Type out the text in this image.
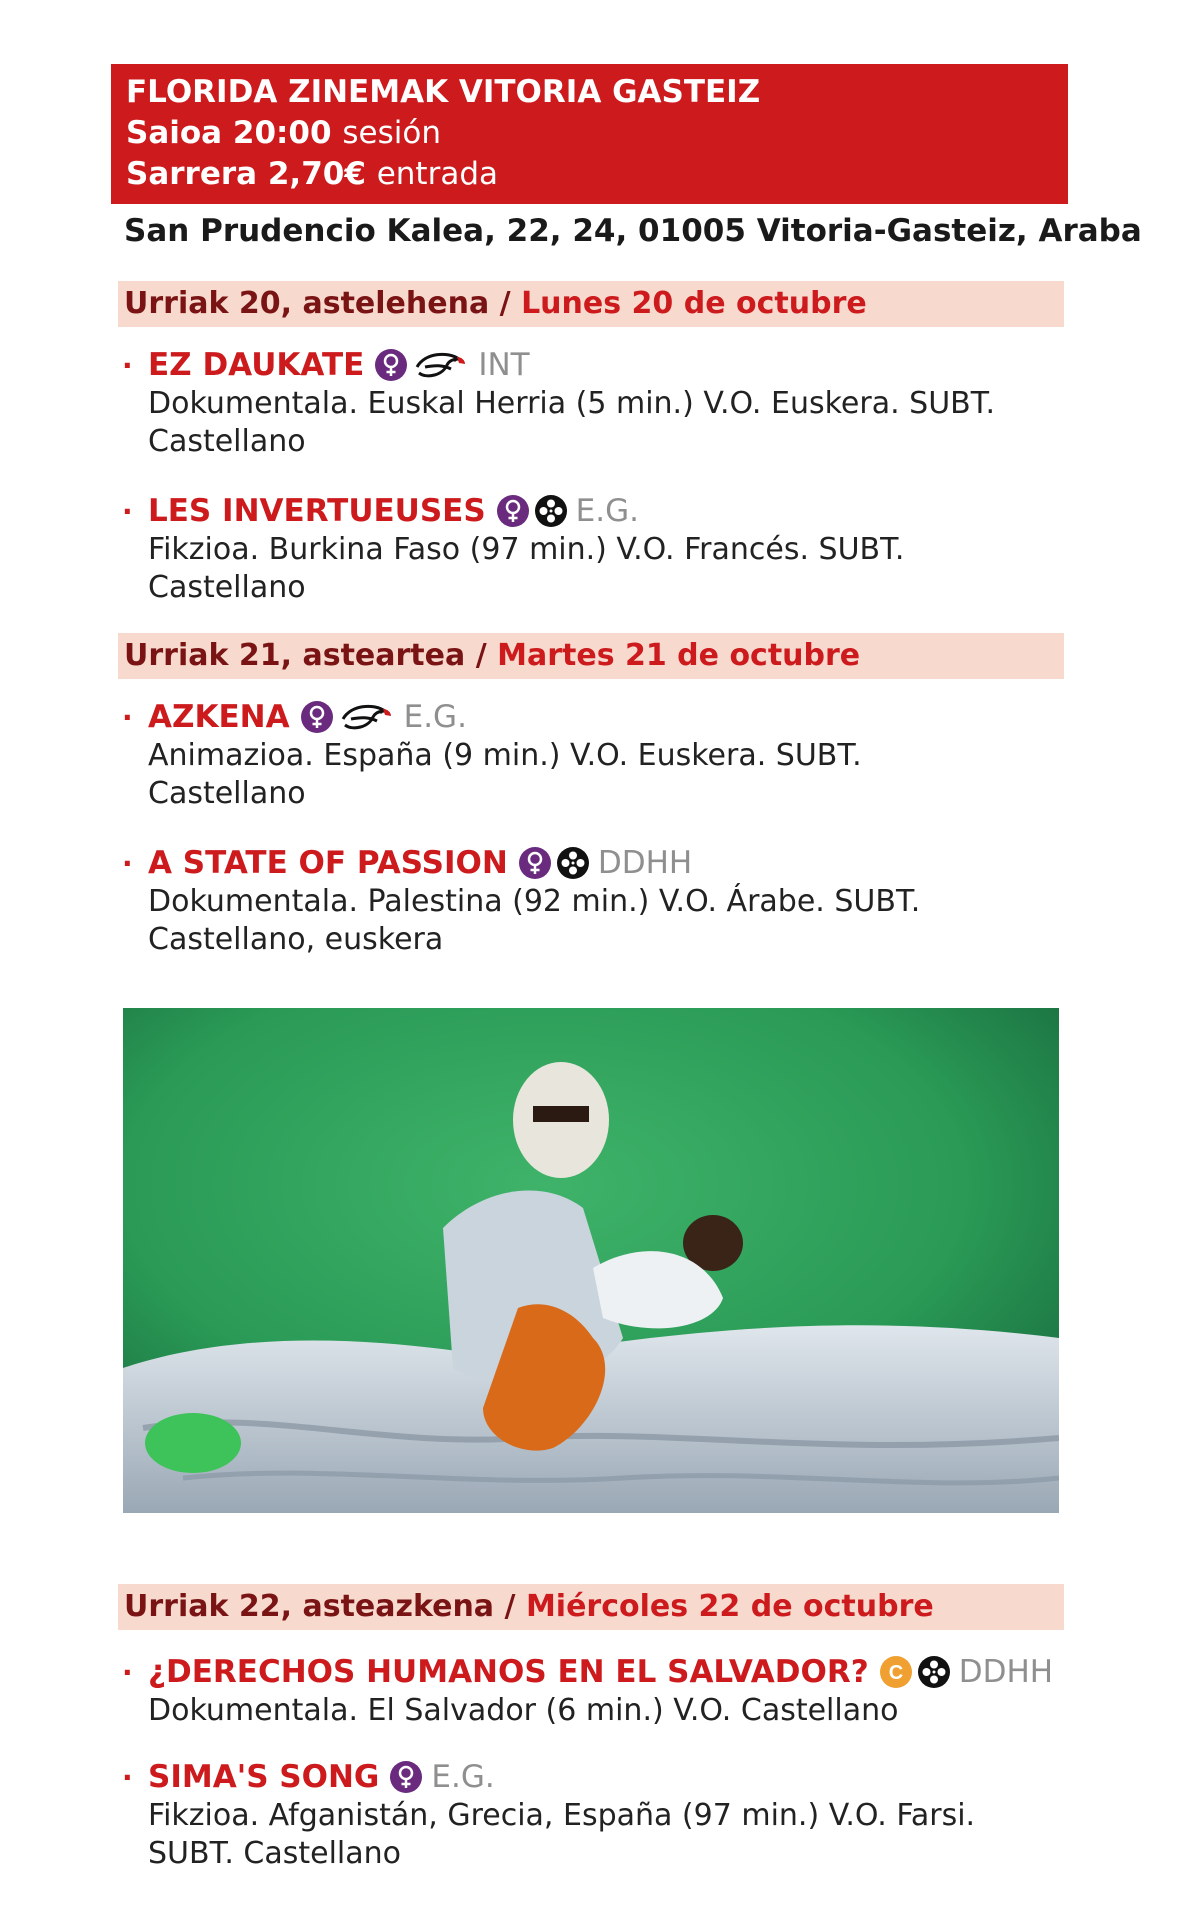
FLORIDA ZINEMAK VITORIA GASTEIZ
Saioa 20:00 sesión
Sarrera 2,70€ entrada
San Prudencio Kalea, 22, 24, 01005 Vitoria-Gasteiz, Araba
Urriak 20, astelehena / Lunes 20 de octubre
· EZ DAUKATE	INT
Dokumentala. Euskal Herria (5 min.) V.O. Euskera. SUBT.
Castellano
· LES INVERTUEUSES	E.G.
Fikzioa. Burkina Faso (97 min.) V.O. Francés. SUBT.
Castellano
Urriak 21, asteartea / Martes 21 de octubre
· AZKENA	E.G.
Animazioa. España (9 min.) V.O. Euskera. SUBT.
Castellano
· A STATE OF PASSION	DDHH
Dokumentala. Palestina (92 min.) V.O. Árabe. SUBT.
Castellano, euskera
Urriak 22, asteazkena / Miércoles 22 de octubre
· ¿DERECHOS HUMANOS EN EL SALVADOR? C DDHH
Dokumentala. El Salvador (6 min.) V.O. Castellano
· SIMA'S SONG E.G.
Fikzioa. Afganistán, Grecia, España (97 min.) V.O. Farsi.
SUBT. Castellano
